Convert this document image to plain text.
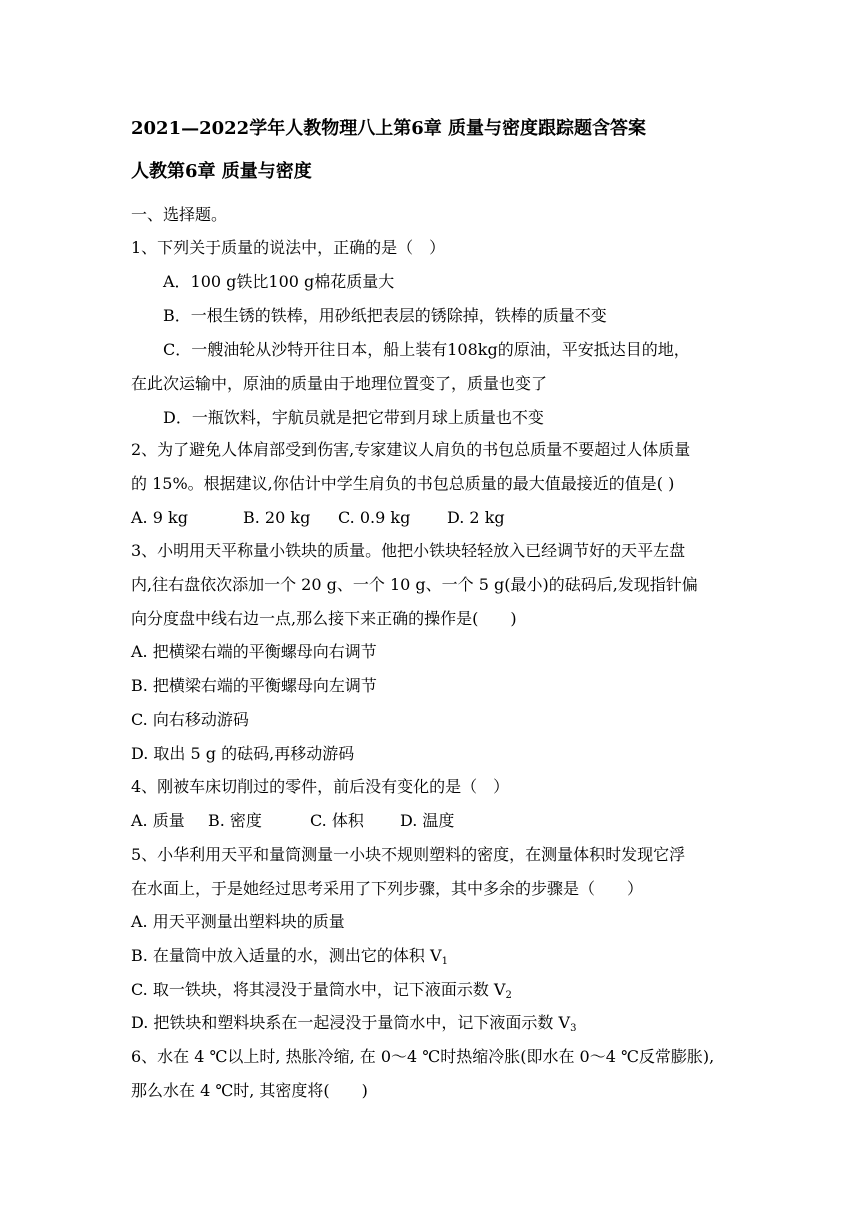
2021—2022学年人教物理八上第6章 质量与密度跟踪题含答案
人教第6章 质量与密度
一、选择题。
1、下列关于质量的说法中，正确的是（　）
A．100 g铁比100 g棉花质量大
B．一根生锈的铁棒，用砂纸把表层的锈除掉，铁棒的质量不变
C．一艘油轮从沙特开往日本，船上装有108kg的原油，平安抵达目的地，
在此次运输中，原油的质量由于地理位置变了，质量也变了
D．一瓶饮料，宇航员就是把它带到月球上质量也不变
2、为了避免人体肩部受到伤害,专家建议人肩负的书包总质量不要超过人体质量
的 15%。根据建议,你估计中学生肩负的书包总质量的最大值最接近的值是( )
A. 9 kg	B. 20 kg C. 0.9 kg D. 2 kg
3、小明用天平称量小铁块的质量。他把小铁块轻轻放入已经调节好的天平左盘
内,往右盘依次添加一个 20 g、一个 10 g、一个 5 g(最小)的砝码后,发现指针偏
向分度盘中线右边一点,那么接下来正确的操作是(　　)
A. 把横梁右端的平衡螺母向右调节
B. 把横梁右端的平衡螺母向左调节
C. 向右移动游码
D. 取出 5 g 的砝码,再移动游码
4、刚被车床切削过的零件，前后没有变化的是（　）
A. 质量 B. 密度	C. 体积 D. 温度
5、小华利用天平和量筒测量一小块不规则塑料的密度，在测量体积时发现它浮
在水面上，于是她经过思考采用了下列步骤，其中多余的步骤是（　　）
A. 用天平测量出塑料块的质量
B. 在量筒中放入适量的水，测出它的体积 $V_1$
C. 取一铁块，将其浸没于量筒水中，记下液面示数 $V_2$
D. 把铁块和塑料块系在一起浸没于量筒水中，记下液面示数 $V_3$
6、水在 4 ℃以上时, 热胀冷缩, 在 0～4 ℃时热缩冷胀(即水在 0～4 ℃反常膨胀),
那么水在 4 ℃时, 其密度将(　　)
